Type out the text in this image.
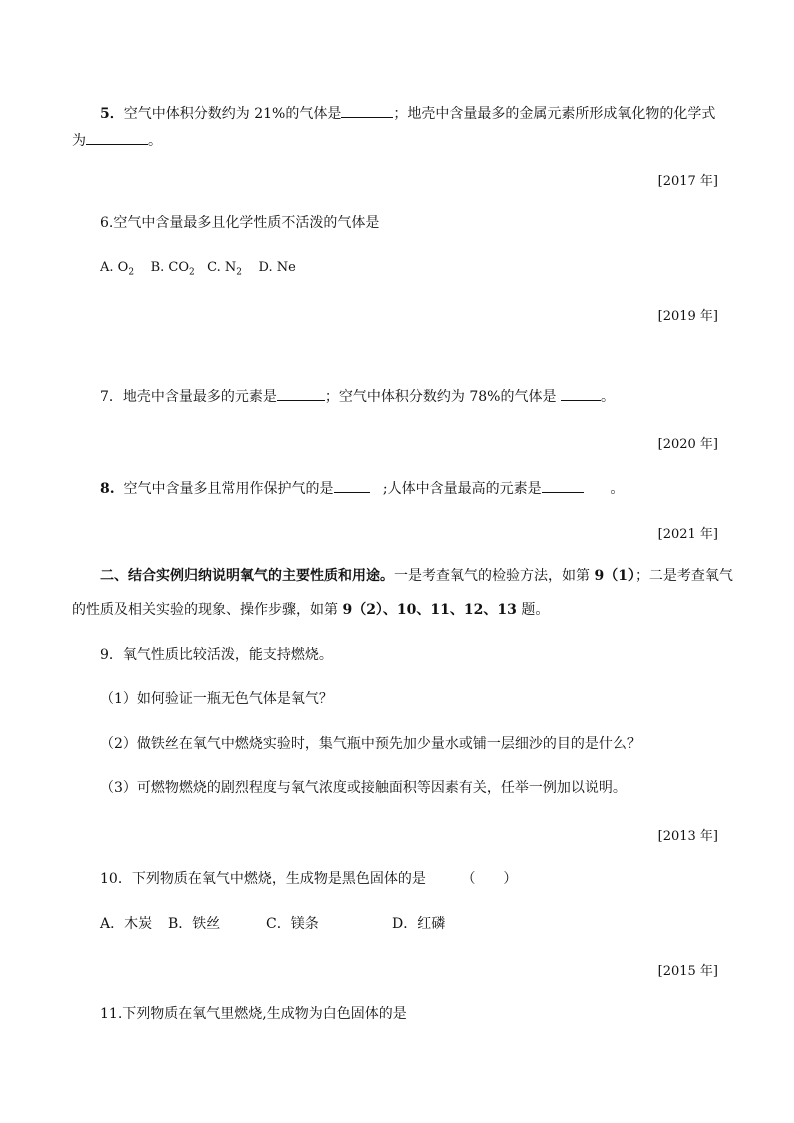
5．空气中体积分数约为 21%的气体是	；地壳中含量最多的金属元素所形成氧化物的化学式
为	。
[2017 年]
6.空气中含量最多且化学性质不活泼的气体是
A. $O_2$ B. $CO_2$ C. $N_2$ D. Ne
[2019 年]
7．地壳中含量最多的元素是	；空气中体积分数约为 78%的气体是	。
[2020 年]
8. 空气中含量多且常用作保护气的是	;人体中含量最高的元素是	。
[2021 年]
二、结合实例归纳说明氧气的主要性质和用途。一是考查氧气的检验方法，如第 9（1）；二是考查氧气
的性质及相关实验的现象、操作步骤，如第 9（2）、10、11、12、13 题。
9．氧气性质比较活泼，能支持燃烧。
（1）如何验证一瓶无色气体是氧气？
（2）做铁丝在氧气中燃烧实验时，集气瓶中预先加少量水或铺一层细沙的目的是什么？
（3）可燃物燃烧的剧烈程度与氧气浓度或接触面积等因素有关，任举一例加以说明。
[2013 年]
10．下列物质在氧气中燃烧，生成物是黑色固体的是	（　　）
A．木炭 B．铁丝	C．镁条	D．红磷
[2015 年]
11.下列物质在氧气里燃烧,生成物为白色固体的是
